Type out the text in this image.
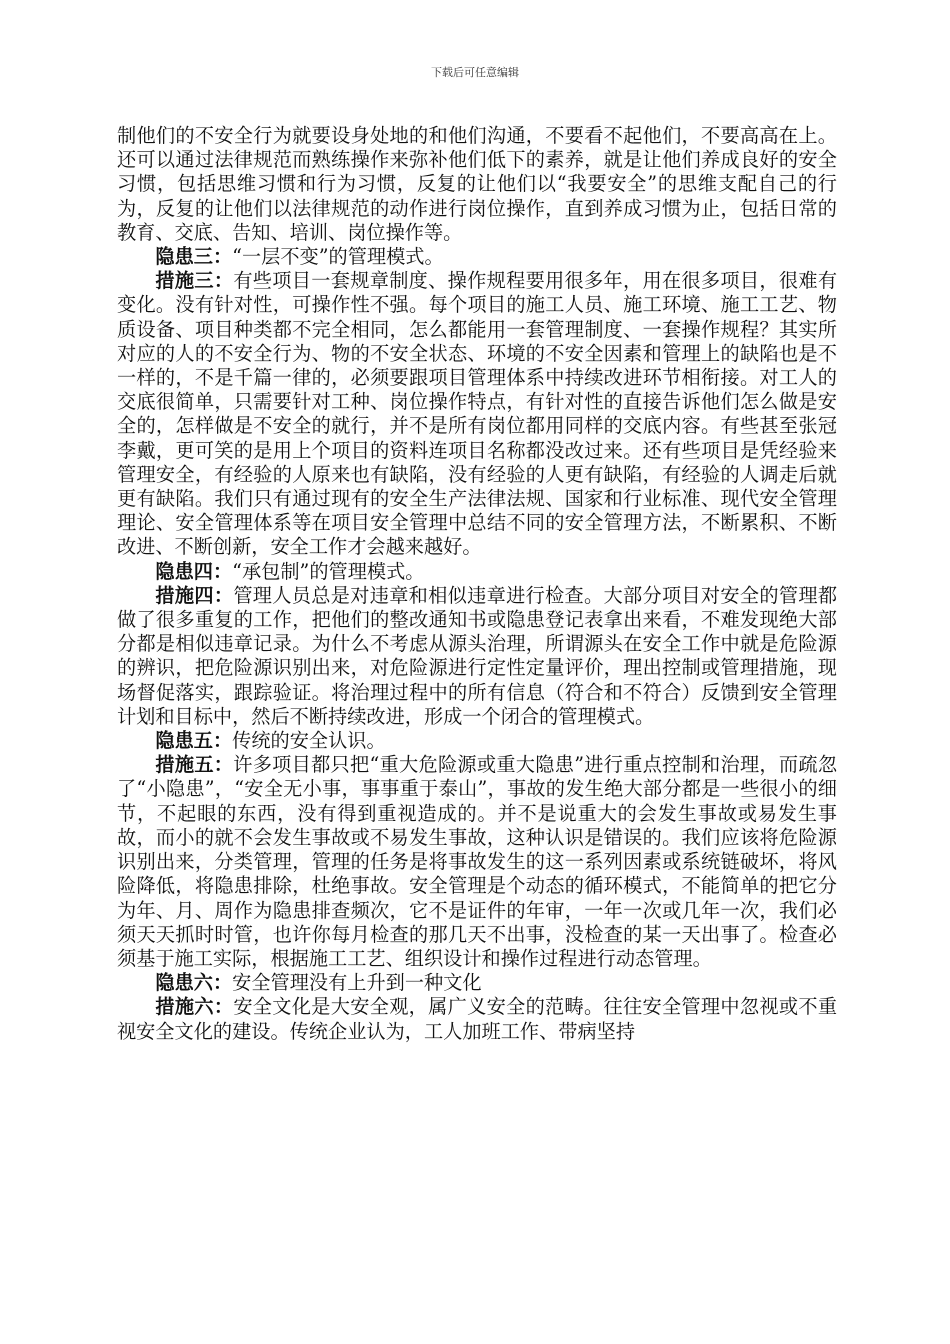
下载后可任意编辑

制他们的不安全行为就要设身处地的和他们沟通，不要看不起他们，不要高高在上。还可以通过法律规范而熟练操作来弥补他们低下的素养，就是让他们养成良好的安全习惯，包括思维习惯和行为习惯，反复的让他们以“我要安全”的思维支配自己的行为，反复的让他们以法律规范的动作进行岗位操作，直到养成习惯为止，包括日常的教育、交底、告知、培训、岗位操作等。

隐患三：“一层不变”的管理模式。

措施三：有些项目一套规章制度、操作规程要用很多年，用在很多项目，很难有变化。没有针对性，可操作性不强。每个项目的施工人员、施工环境、施工工艺、物质设备、项目种类都不完全相同，怎么都能用一套管理制度、一套操作规程？其实所对应的人的不安全行为、物的不安全状态、环境的不安全因素和管理上的缺陷也是不一样的，不是千篇一律的，必须要跟项目管理体系中持续改进环节相衔接。对工人的交底很简单，只需要针对工种、岗位操作特点，有针对性的直接告诉他们怎么做是安全的，怎样做是不安全的就行，并不是所有岗位都用同样的交底内容。有些甚至张冠李戴，更可笑的是用上个项目的资料连项目名称都没改过来。还有些项目是凭经验来管理安全，有经验的人原来也有缺陷，没有经验的人更有缺陷，有经验的人调走后就更有缺陷。我们只有通过现有的安全生产法律法规、国家和行业标准、现代安全管理理论、安全管理体系等在项目安全管理中总结不同的安全管理方法，不断累积、不断改进、不断创新，安全工作才会越来越好。

隐患四：“承包制”的管理模式。

措施四：管理人员总是对违章和相似违章进行检查。大部分项目对安全的管理都做了很多重复的工作，把他们的整改通知书或隐患登记表拿出来看，不难发现绝大部分都是相似违章记录。为什么不考虑从源头治理，所谓源头在安全工作中就是危险源的辨识，把危险源识别出来，对危险源进行定性定量评价，理出控制或管理措施，现场督促落实，跟踪验证。将治理过程中的所有信息（符合和不符合）反馈到安全管理计划和目标中，然后不断持续改进，形成一个闭合的管理模式。

隐患五：传统的安全认识。

措施五：许多项目都只把“重大危险源或重大隐患”进行重点控制和治理，而疏忽了“小隐患”，“安全无小事，事事重于泰山”，事故的发生绝大部分都是一些很小的细节，不起眼的东西，没有得到重视造成的。并不是说重大的会发生事故或易发生事故，而小的就不会发生事故或不易发生事故，这种认识是错误的。我们应该将危险源识别出来，分类管理，管理的任务是将事故发生的这一系列因素或系统链破坏，将风险降低，将隐患排除，杜绝事故。安全管理是个动态的循环模式，不能简单的把它分为年、月、周作为隐患排查频次，它不是证件的年审，一年一次或几年一次，我们必须天天抓时时管，也许你每月检查的那几天不出事，没检查的某一天出事了。检查必须基于施工实际，根据施工工艺、组织设计和操作过程进行动态管理。

隐患六：安全管理没有上升到一种文化

措施六：安全文化是大安全观，属广义安全的范畴。往往安全管理中忽视或不重视安全文化的建设。传统企业认为，工人加班工作、带病坚持
